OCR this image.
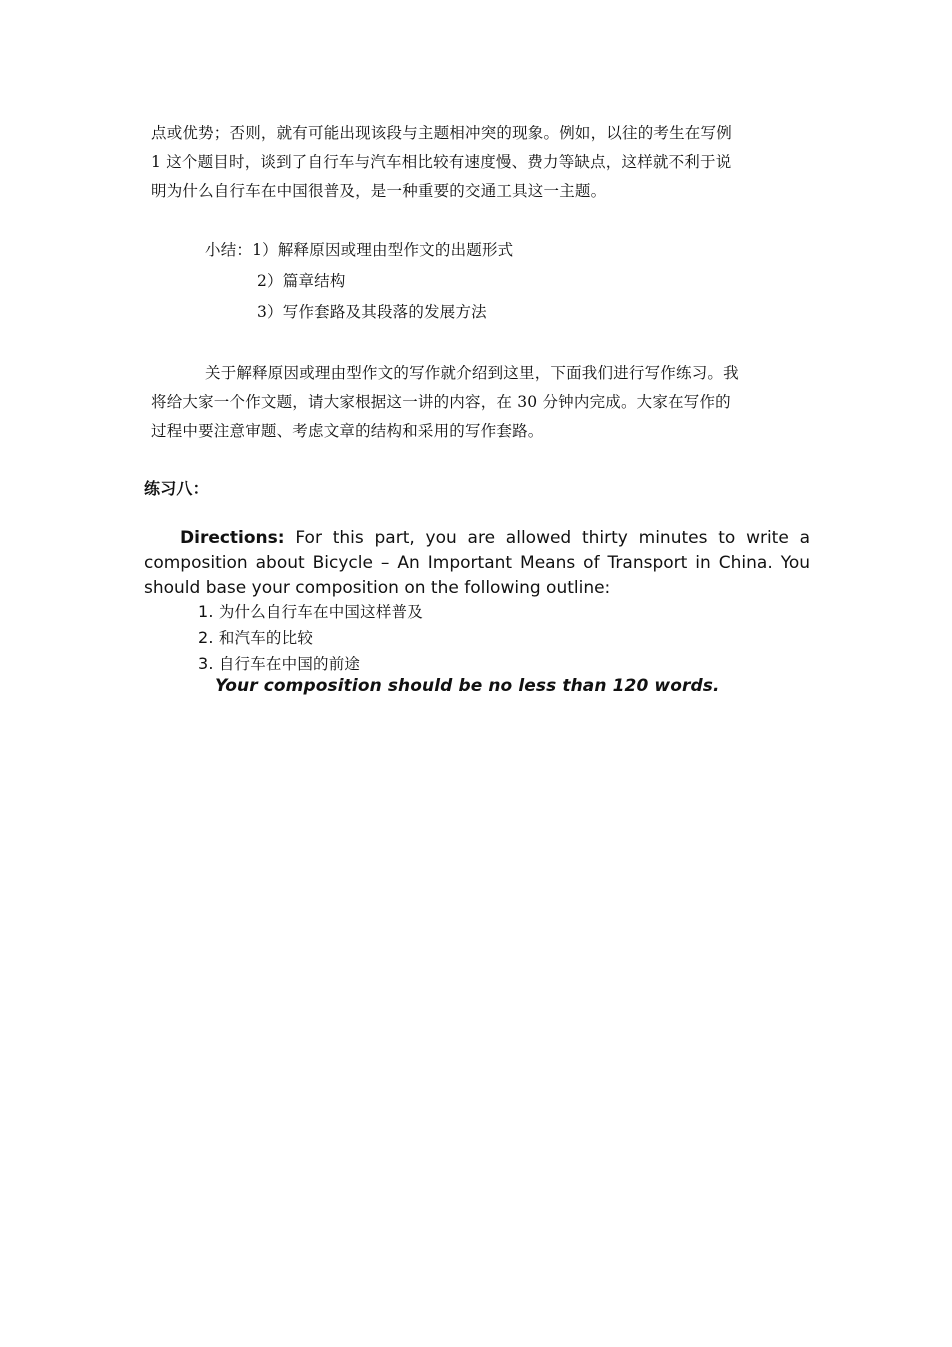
点或优势；否则，就有可能出现该段与主题相冲突的现象。例如，以往的考生在写例
1 这个题目时，谈到了自行车与汽车相比较有速度慢、费力等缺点，这样就不利于说
明为什么自行车在中国很普及，是一种重要的交通工具这一主题。
小结：1）解释原因或理由型作文的出题形式
2）篇章结构
3）写作套路及其段落的发展方法
关于解释原因或理由型作文的写作就介绍到这里，下面我们进行写作练习。我
将给大家一个作文题，请大家根据这一讲的内容，在 30 分钟内完成。大家在写作的
过程中要注意审题、考虑文章的结构和采用的写作套路。
练习八：

Directions: For this part, you are allowed thirty minutes to write a composition about Bicycle – An Important Means of Transport in China. You should base your composition on the following outline:

1. 为什么自行车在中国这样普及
2. 和汽车的比较
3. 自行车在中国的前途

Your composition should be no less than 120 words.
